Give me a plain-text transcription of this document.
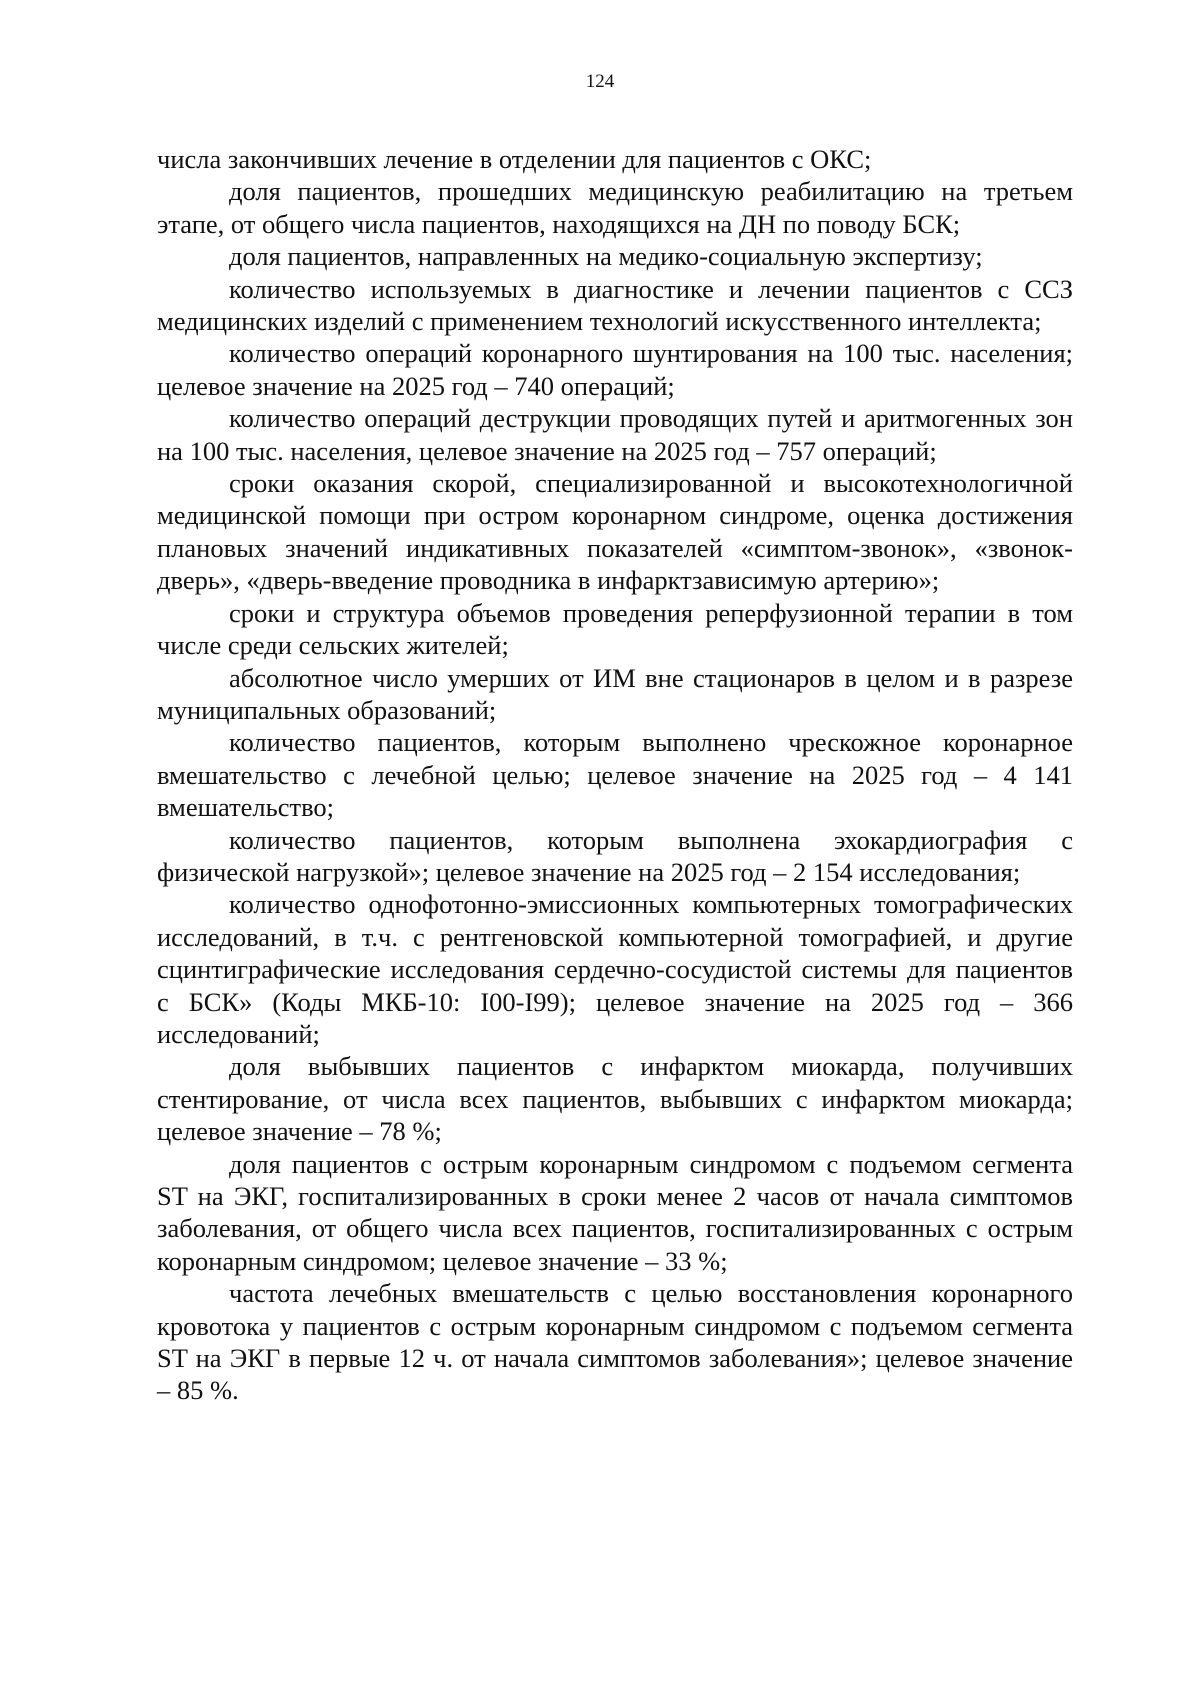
124

числа закончивших лечение в отделении для пациентов с ОКС;

доля пациентов, прошедших медицинскую реабилитацию на третьем этапе, от общего числа пациентов, находящихся на ДН по поводу БСК;

доля пациентов, направленных на медико-социальную экспертизу;

количество используемых в диагностике и лечении пациентов с ССЗ медицинских изделий с применением технологий искусственного интеллекта;

количество операций коронарного шунтирования на 100 тыс. населения; целевое значение на 2025 год – 740 операций;

количество операций деструкции проводящих путей и аритмогенных зон на 100 тыс. населения, целевое значение на 2025 год – 757 операций;

сроки оказания скорой, специализированной и высокотехнологичной медицинской помощи при остром коронарном синдроме, оценка достижения плановых значений индикативных показателей «симптом-звонок», «звонок-дверь», «дверь-введение проводника в инфарктзависимую артерию»;

сроки и структура объемов проведения реперфузионной терапии в том числе среди сельских жителей;

абсолютное число умерших от ИМ вне стационаров в целом и в разрезе муниципальных образований;

количество пациентов, которым выполнено чрескожное коронарное вмешательство с лечебной целью; целевое значение на 2025 год – 4 141 вмешательство;

количество пациентов, которым выполнена эхокардиография с физической нагрузкой»; целевое значение на 2025 год – 2 154 исследования;

количество однофотонно-эмиссионных компьютерных томографических исследований, в т.ч. с рентгеновской компьютерной томографией, и другие сцинтиграфические исследования сердечно-сосудистой системы для пациентов с БСК» (Коды МКБ-10: I00-I99); целевое значение на 2025 год – 366 исследований;

доля выбывших пациентов с инфарктом миокарда, получивших стентирование, от числа всех пациентов, выбывших с инфарктом миокарда; целевое значение – 78 %;

доля пациентов с острым коронарным синдромом с подъемом сегмента ST на ЭКГ, госпитализированных в сроки менее 2 часов от начала симптомов заболевания, от общего числа всех пациентов, госпитализированных с острым коронарным синдромом; целевое значение – 33 %;

частота лечебных вмешательств с целью восстановления коронарного кровотока у пациентов с острым коронарным синдромом с подъемом сегмента ST на ЭКГ в первые 12 ч. от начала симптомов заболевания»; целевое значение – 85 %.
